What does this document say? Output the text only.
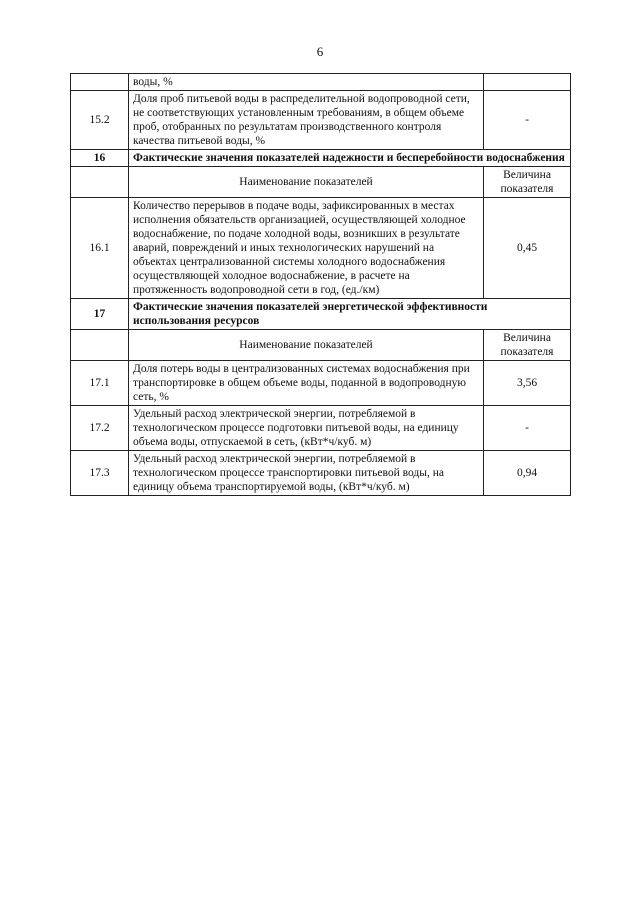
6
	воды, %	
15.2	Доля проб питьевой воды в распределительной водопроводной сети, не соответствующих установленным требованиям, в общем объеме проб, отобранных по результатам производственного контроля качества питьевой воды, %	-
16	Фактические значения показателей надежности и бесперебойности водоснабжения	
	Наименование показателей	Величина показателя
16.1	Количество перерывов в подаче воды, зафиксированных в местах исполнения обязательств организацией, осуществляющей холодное водоснабжение, по подаче холодной воды, возникших в результате аварий, повреждений и иных технологических нарушений на объектах централизованной системы холодного водоснабжения осуществляющей холодное водоснабжение, в расчете на протяженность водопроводной сети в год, (ед./км)	0,45
17	Фактические значения показателей энергетической эффективности использования ресурсов	
	Наименование показателей	Величина показателя
17.1	Доля потерь воды в централизованных системах водоснабжения при транспортировке в общем объеме воды, поданной в водопроводную сеть, %	3,56
17.2	Удельный расход электрической энергии, потребляемой в технологическом процессе подготовки питьевой воды, на единицу объема воды, отпускаемой в сеть, (кВт*ч/куб. м)	-
17.3	Удельный расход электрической энергии, потребляемой в технологическом процессе транспортировки питьевой воды, на единицу объема транспортируемой воды, (кВт*ч/куб. м)	0,94
